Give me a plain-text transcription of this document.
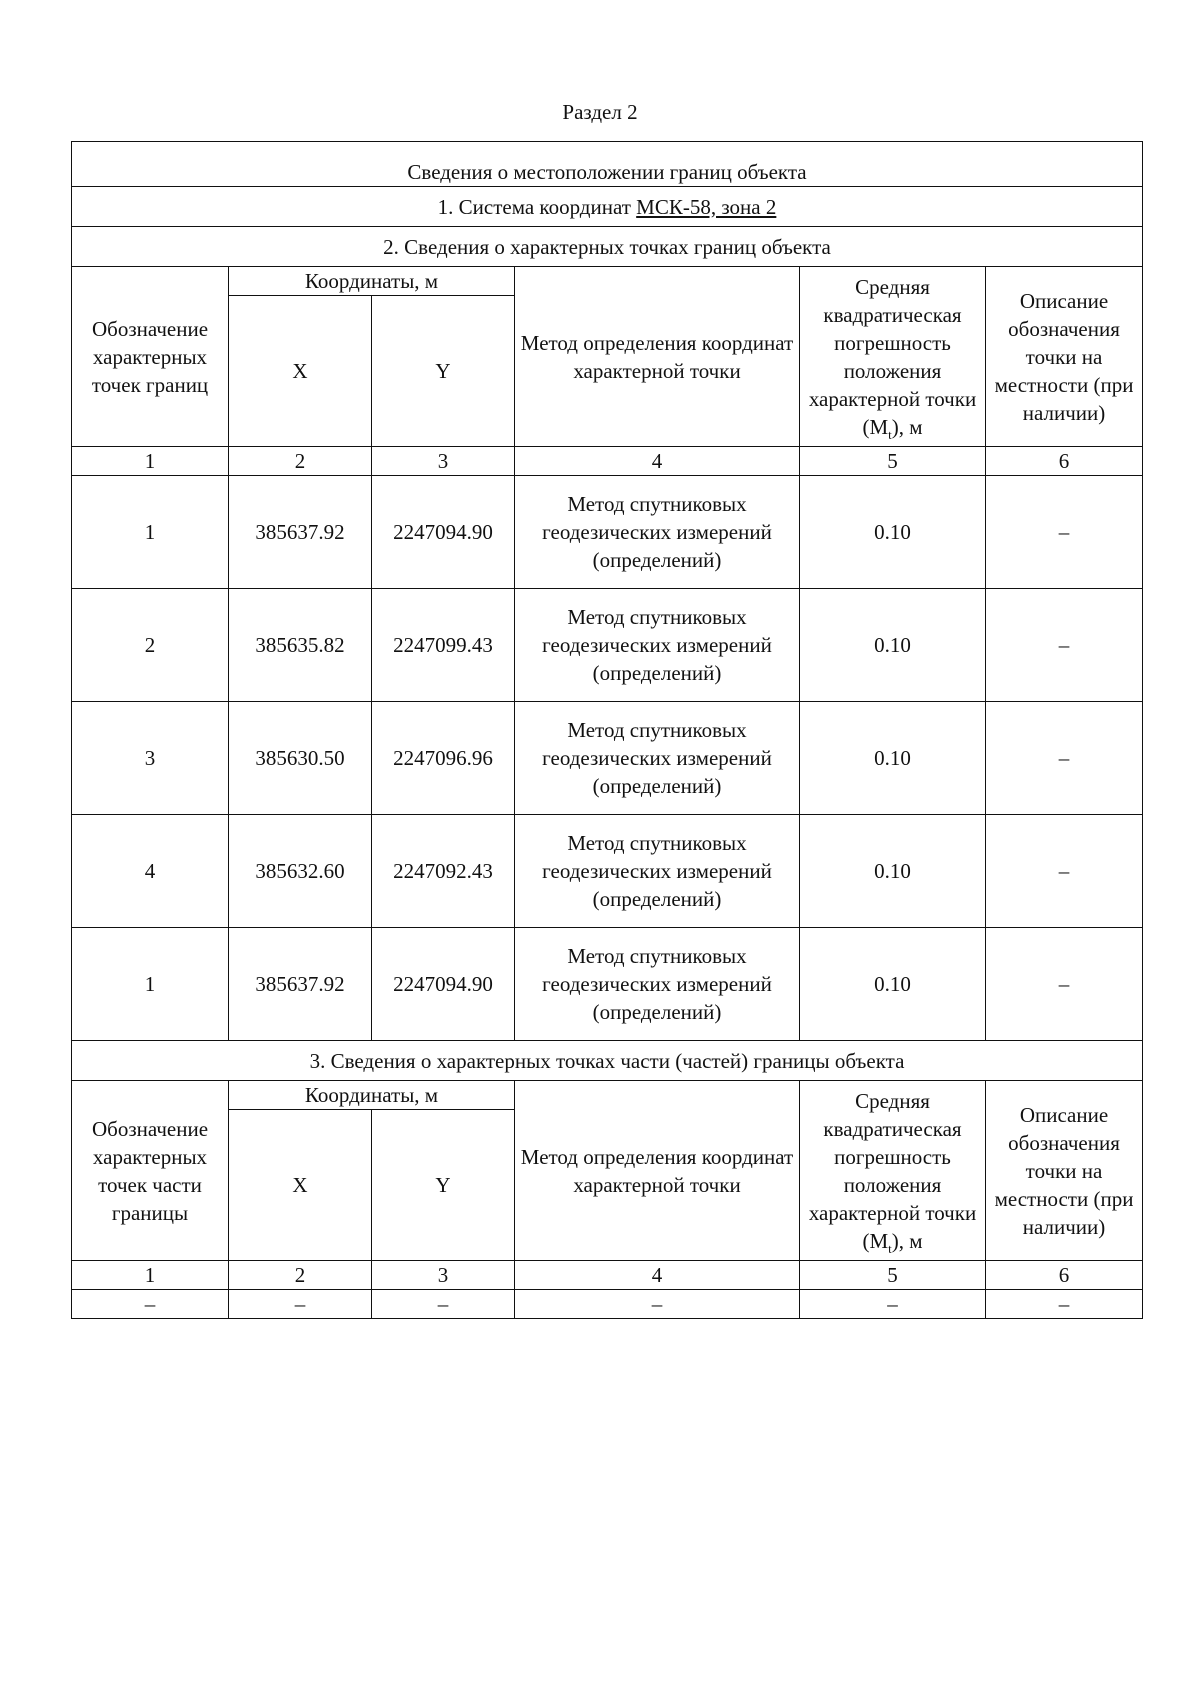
Раздел 2
Сведения о местоположении границ объекта					
1. Система координат МСК-58, зона 2					
2. Сведения о характерных точках границ объекта					
Обозначение характерных точек границ	Координаты, м		Метод определения координат характерной точки	Средняя квадратическая погрешность положения характерной точки $(M_t)$, м	Описание обозначения точки на местности (при наличии)
	X	Y			
1	2	3	4	5	6
1	385637.92	2247094.90	Метод спутниковых геодезических измерений (определений)	0.10	–
2	385635.82	2247099.43	Метод спутниковых геодезических измерений (определений)	0.10	–
3	385630.50	2247096.96	Метод спутниковых геодезических измерений (определений)	0.10	–
4	385632.60	2247092.43	Метод спутниковых геодезических измерений (определений)	0.10	–
1	385637.92	2247094.90	Метод спутниковых геодезических измерений (определений)	0.10	–
3. Сведения о характерных точках части (частей) границы объекта					
Обозначение характерных точек части границы	Координаты, м		Метод определения координат характерной точки	Средняя квадратическая погрешность положения характерной точки $(M_t)$, м	Описание обозначения точки на местности (при наличии)
	X	Y			
1	2	3	4	5	6
–	–	–	–	–	–
